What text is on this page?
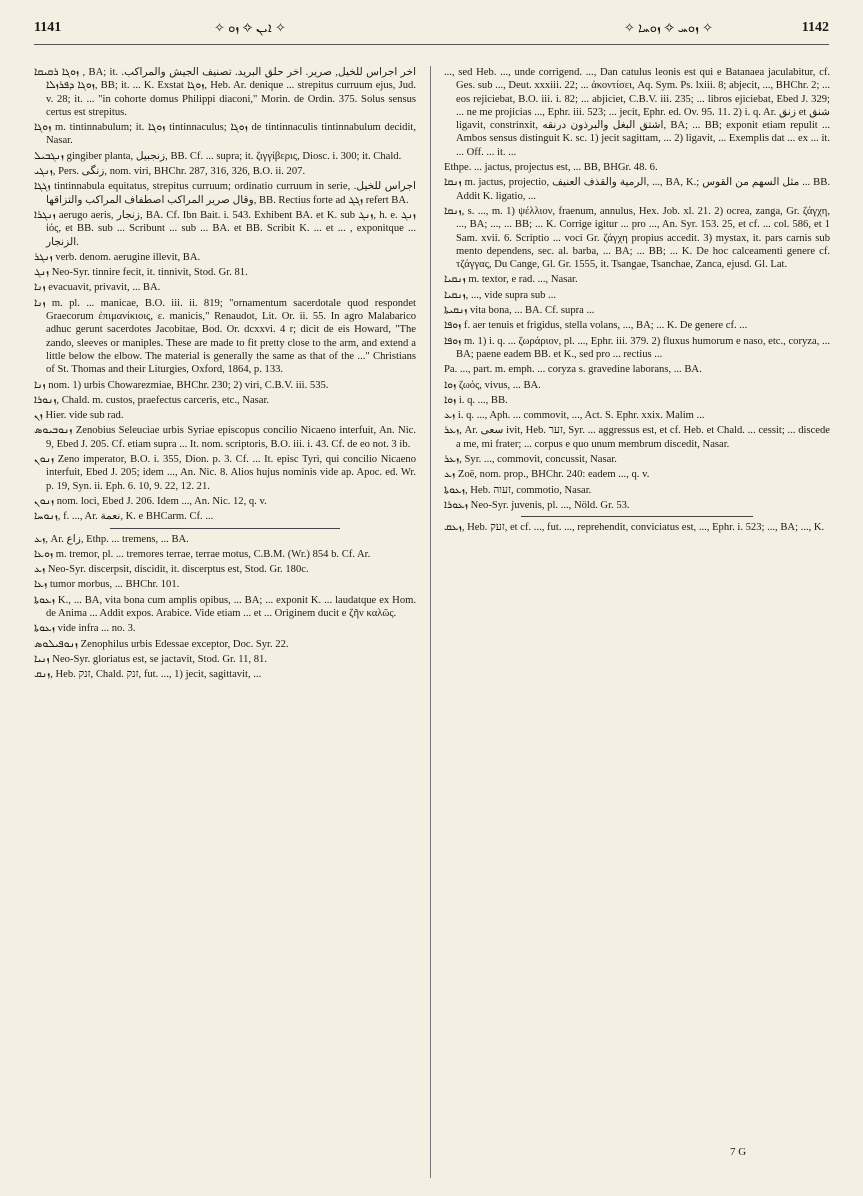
1141	✧ ܐܝܢ ✧ ܙܘ ✧	✧ ܙܘܚ ✧ ܙܘܚܐ ✧	1142

ܙܘܓܐ ܪܩܝܩܐ , BA; it. اخر اجراس للخيل, صرير. اخر حلق البريد. تصنيف الجيش والمراكب. ܙܘܓܐ ܕܦܪܙܠܐ, BB; it. ... K. Exstat ܙܘܓܐ, Heb. Ar. denique ... strepitus curruum ejus, Jud. v. 28; it. ... "in cohorte domus Philippi diaconi," Morin. de Ordin. 375. Solus sensus certus est strepitus.

ܙܘܓܐ m. tintinnabulum; it. ܙܘܓܐ tintinnaculus; ܙܘܓܐ de tintinnaculis tintinnabulum decidit, Nasar.

ܙܢܓܒܝܠ gingiber planta, زنجبيل, BB. Cf. ... supra; it. ζιγγίβερις, Diosc. i. 300; it. Chald.

ܙܢܓܝ, Pers. زنگی, nom. viri, BHChr. 287, 316, 326, B.O. ii. 207.

ܙܓܓܐ tintinnabula equitatus, strepitus curruum; ordinatio curruum in serie, اجراس للخيل. وقال صرير المراكب اصطفاف المراكب والتزاقها, BB. Rectius forte ad ܙܓܓ refert BA.

ܙܢܓܪܐ aerugo aeris, زنجار, BA. Cf. Ibn Bait. i. 543. Exhibent BA. et K. sub ܙܢܓ, h. e. ܙܢܓ ἰός, et BB. sub ... Scribunt ... sub ... BA. et BB. Scribit K. ... et ... , exponitque ... الزنجار.

ܙܢܓܪ verb. denom. aerugine illevit, BA.

ܙܢܓ Neo-Syr. tinnire fecit, it. tinnivit, Stod. Gr. 81.

ܙܢܐ evacuavit, privavit, ... BA.

ܙܢܐ m. pl. ... manicae, B.O. iii. ii. 819; "ornamentum sacerdotale quod respondet Graecorum ἐπιμανίκιοις, ε. manicis," Renaudot, Lit. Or. ii. 55. In agro Malabarico adhuc gerunt sacerdotes Jacobitae, Bod. Or. dcxxvi. 4 r; dicit de eis Howard, "The zando, sleeves or maniples. These are made to fit pretty close to the arm, and extend a little below the elbow. The material is generally the same as that of the ..." Christians of St. Thomas and their Liturgies, Oxford, 1864, p. 133.

ܙܢܐ nom. 1) urbis Chowarezmiae, BHChr. 230; 2) viri, C.B.V. iii. 535.

ܙܢܘܪܐ, Chald. m. custos, praefectus carceris, etc., Nasar.

ܙܢ Hier. vide sub rad.

ܙܢܘܒܝܘܣ Zenobius Seleuciae urbis Syriae episcopus concilio Nicaeno interfuit, An. Nic. 9, Ebed J. 205. Cf. etiam supra ... It. nom. scriptoris, B.O. iii. i. 43. Cf. de eo not. 3 ib.

ܙܢܘܢ Zeno imperator, B.O. i. 355, Dion. p. 3. Cf. ... It. episc Tyri, qui concilio Nicaeno interfuit, Ebed J. 205; idem ..., An. Nic. 8. Alios hujus nominis vide ap. Apoc. ed. Wr. p. 19, Syn. ii. Eph. 6. 10, 9. 22, 12. 21.

ܙܢܘܢ nom. loci, Ebed J. 206. Idem ..., An. Nic. 12, q. v.

ܙܢܘܚܐ, f. ..., Ar. نعمة, K. e BHCarm. Cf. ...

ܙܥ, Ar. زاع, Ethp. ... tremens, ... BA.

ܙܘܥܐ m. tremor, pl. ... tremores terrae, terrae motus, C.B.M. (Wr.) 854 b. Cf. Ar.

ܙܥ Neo-Syr. discerpsit, discidit, it. discerptus est, Stod. Gr. 180c.

ܙܥܐ tumor morbus, ... BHChr. 101.

ܙܥܘܬܐ K., ... BA, vita bona cum amplis opibus, ... BA; ... exponit K. ... laudatque ex Hom. de Anima ... Addit expos. Arabice. Vide etiam ... et ... Originem ducit e ζῆν καλῶς.

ܙܥܘܬܐ vide infra ... no. 3.

ܙܢܘܦܝܠܘܣ Zenophilus urbis Edessae exceptor, Doc. Syr. 22.

ܙܢܝܐ Neo-Syr. gloriatus est, se jactavit, Stod. Gr. 11, 81.

ܙܢܩ, Heb. זנק, Chald. זנק, fut. ..., 1) jecit, sagittavit, ...

..., sed Heb. ..., unde corrigend. ..., Dan catulus leonis est qui e Batanaea jaculabitur, cf. Ges. sub ..., Deut. xxxiii. 22; ... ἀκοντίσει, Aq. Sym. Ps. lxiii. 8; abjecit, ..., BHChr. 2; ... eos rejiciebat, B.O. iii. i. 82; ... abjiciet, C.B.V. iii. 235; ... libros ejiciebat, Ebed J. 329; ... ne me projicias ..., Ephr. iii. 523; ... jecit, Ephr. ed. Ov. 95. 11. 2) i. q. Ar. زنق et شنق ligavit, constrinxit, اشتق البغل والبرذون درنقه, BA; ... BB; exponit etiam repulit ... Ambos sensus distinguit K. sc. 1) jecit sagittam, ... 2) ligavit, ... Exemplis dat ... ex ... it. ... Off. ... it. ...

Ethpe. ... jactus, projectus est, ... BB, BHGr. 48. 6.

ܙܢܩܐ m. jactus, projectio, الرمية والقذف العنيف, ..., BA, K.; مثل السهم من القوس ... BB. Addit K. ligatio, ...

ܙܢܩܐ, s. ..., m. 1) ψέλλιον, fraenum, annulus, Hex. Job. xl. 21. 2) ocrea, zanga, Gr. ζάγχη, ..., BA; ..., ... BB; ... K. Corrige igitur ... pro ..., An. Syr. 153. 25, et cf. ... col. 586, et 1 Sam. xvii. 6. Scriptio ... voci Gr. ζάγχη propius accedit. 3) mystax, it. pars carnis sub mento dependens, sec. al. barba, ... BA; ... BB; ... K. De hoc calceamenti genere cf. τζάγγας, Du Cange, Gl. Gr. 1555, it. Tsangae, Tsanchae, Zanca, ejusd. Gl. Lat.

ܙܢܩܝܐ m. textor, e rad. ..., Nasar.

ܙܢܩܝܐ, ..., vide supra sub ...

ܙܢܩܝܬܐ vita bona, ... BA. Cf. supra ...

ܙܘܦܐ f. aer tenuis et frigidus, stella volans, ..., BA; ... K. De genere cf. ...

ܙܘܦܐ m. 1) i. q. ... ζωράριον, pl. ..., Ephr. iii. 379. 2) fluxus humorum e naso, etc., coryza, ... BA; paene eadem BB. et K., sed pro ... rectius ...

Pa. ..., part. m. emph. ... coryza s. gravedine laborans, ... BA.

ܙܘܐ ζωός, vivus, ... BA.

ܙܘܐ i. q. ..., BB.

ܙܥ i. q. ..., Aph. ... commovit, ..., Act. S. Ephr. xxix. Malim ...

ܙܥܪ, Ar. سعى ivit, Heb. זער, Syr. ... aggressus est, et cf. Heb. et Chald. ... cessit; ... discede a me, mi frater; ... corpus e quo unum membrum discedit, Nasar.

ܙܥܪ, Syr. ..., commovit, concussit, Nasar.

ܙܥ Zoë, nom. prop., BHChr. 240: eadem ..., q. v.

ܙܥܘܬܐ, Heb. זעוה, commotio, Nasar.

ܙܥܘܪܐ Neo-Syr. juvenis, pl. ..., Nöld. Gr. 53.

ܙܥܩ, Heb. זעק, et cf. ..., fut. ..., reprehendit, conviciatus est, ..., Ephr. i. 523; ..., BA; ..., K.

7 G
